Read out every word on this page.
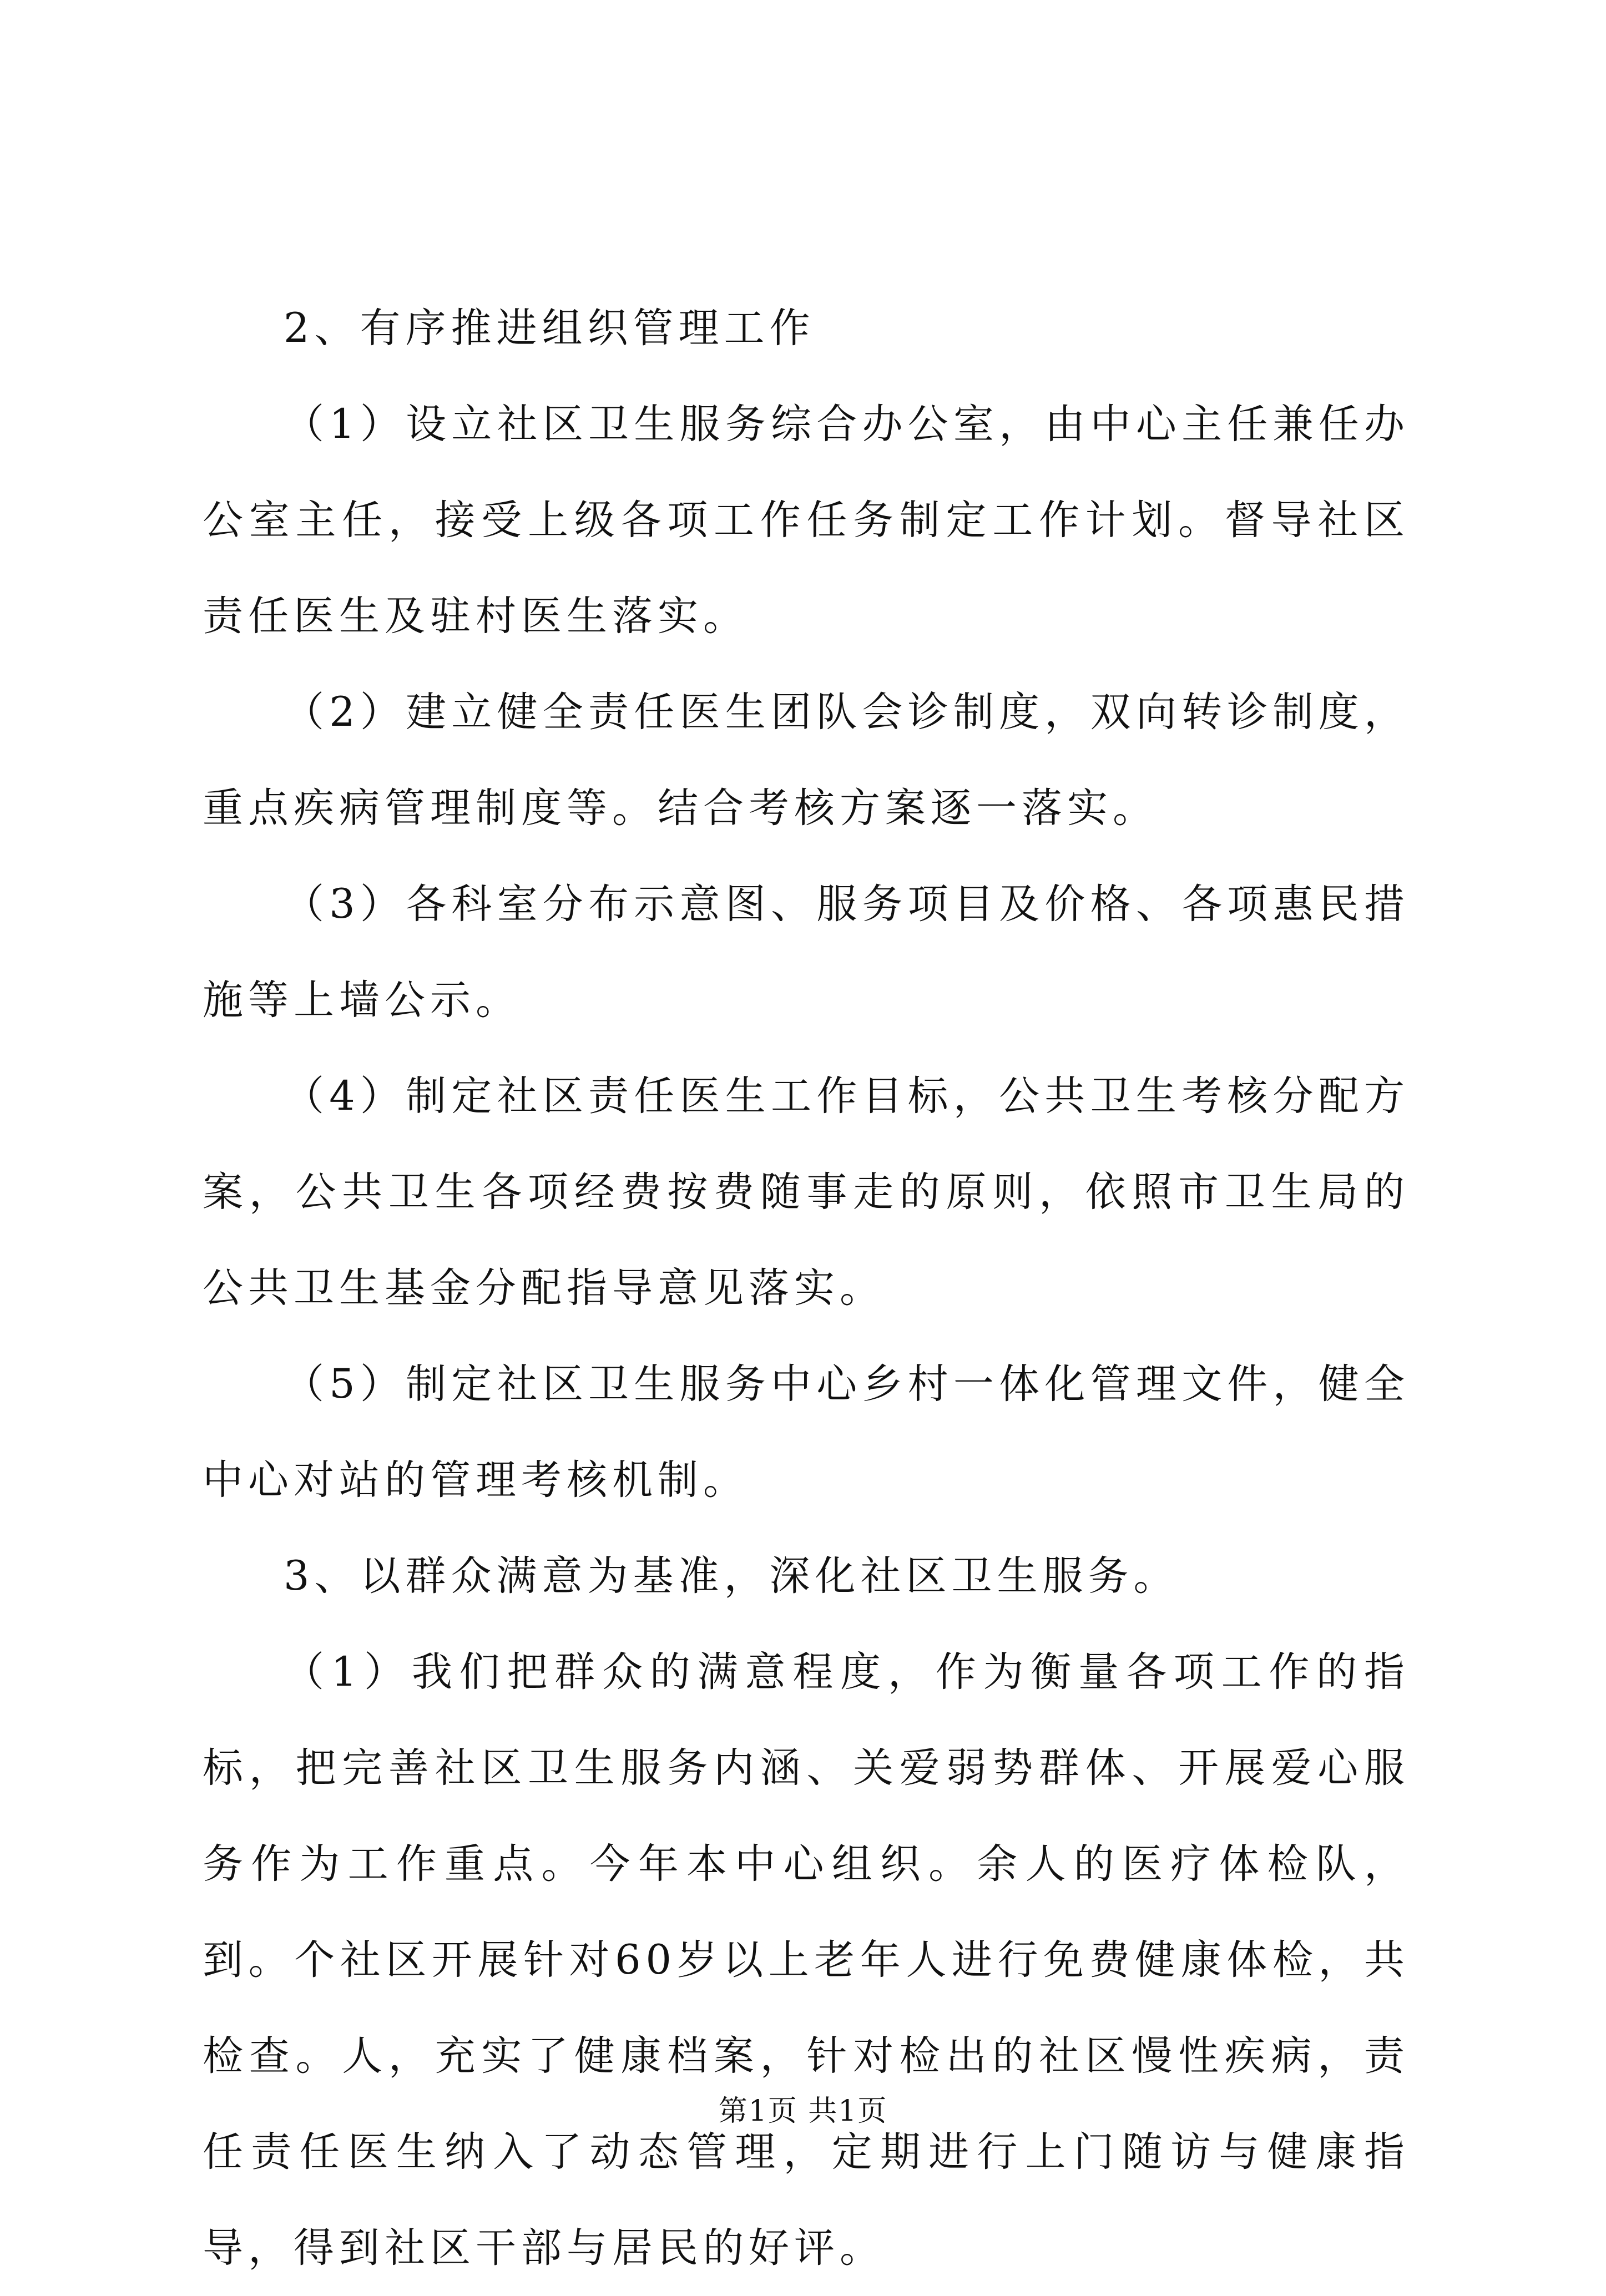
2、有序推进组织管理工作

（1）设立社区卫生服务综合办公室，由中心主任兼任办公室主任，接受上级各项工作任务制定工作计划。督导社区责任医生及驻村医生落实。

（2）建立健全责任医生团队会诊制度，双向转诊制度，重点疾病管理制度等。结合考核方案逐一落实。

（3）各科室分布示意图、服务项目及价格、各项惠民措施等上墙公示。

（4）制定社区责任医生工作目标，公共卫生考核分配方案，公共卫生各项经费按费随事走的原则，依照市卫生局的公共卫生基金分配指导意见落实。

（5）制定社区卫生服务中心乡村一体化管理文件，健全中心对站的管理考核机制。

3、以群众满意为基准，深化社区卫生服务。

（1）我们把群众的满意程度，作为衡量各项工作的指标，把完善社区卫生服务内涵、关爱弱势群体、开展爱心服务作为工作重点。今年本中心组织。余人的医疗体检队，到。个社区开展针对60岁以上老年人进行免费健康体检，共检查。人，充实了健康档案，针对检出的社区慢性疾病，责任责任医生纳入了动态管理，定期进行上门随访与健康指导，得到社区干部与居民的好评。

第1页 共1页
